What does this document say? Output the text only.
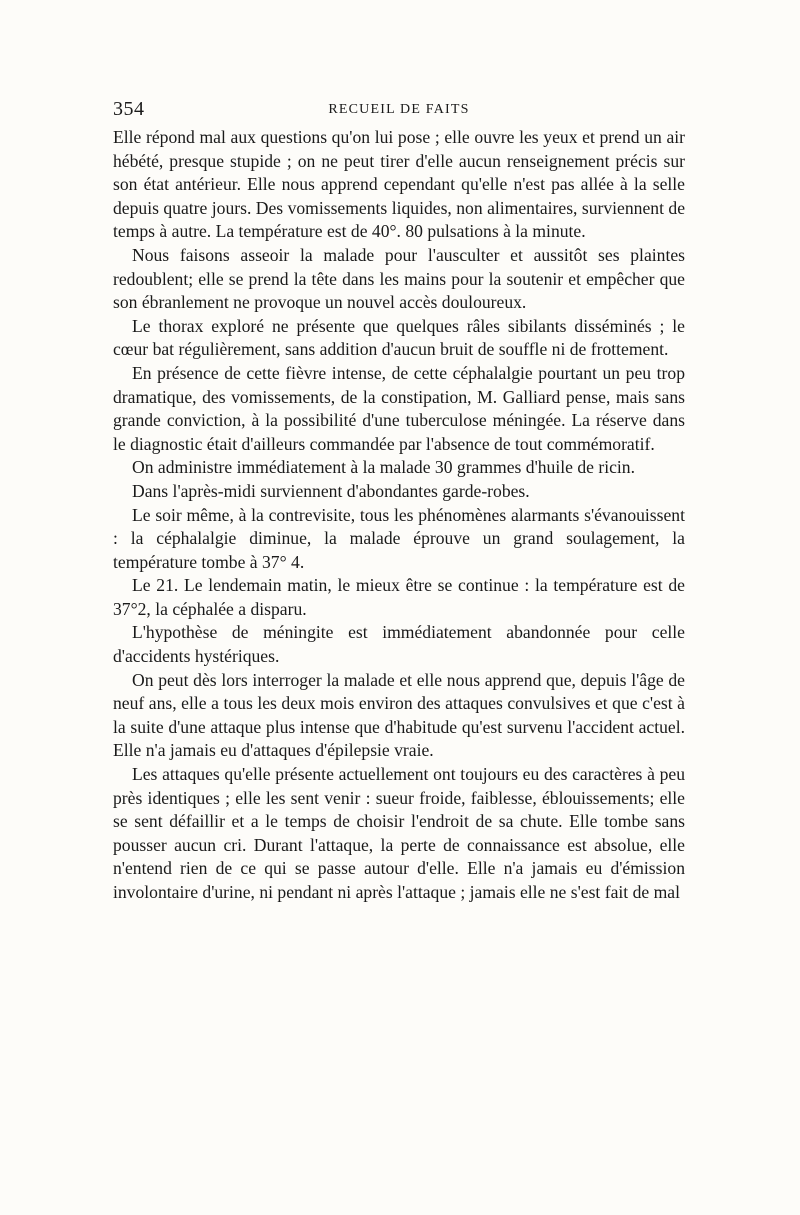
354	RECUEIL DE FAITS

Elle répond mal aux questions qu'on lui pose ; elle ouvre les yeux et prend un air hébété, presque stupide ; on ne peut tirer d'elle aucun renseignement précis sur son état antérieur. Elle nous apprend cependant qu'elle n'est pas allée à la selle depuis quatre jours. Des vomissements liquides, non alimentaires, surviennent de temps à autre. La température est de 40°. 80 pulsations à la minute.

Nous faisons asseoir la malade pour l'ausculter et aussitôt ses plaintes redoublent; elle se prend la tête dans les mains pour la soutenir et empêcher que son ébranlement ne provoque un nouvel accès douloureux.

Le thorax exploré ne présente que quelques râles sibilants disséminés ; le cœur bat régulièrement, sans addition d'aucun bruit de souffle ni de frottement.

En présence de cette fièvre intense, de cette céphalalgie pourtant un peu trop dramatique, des vomissements, de la constipation, M. Galliard pense, mais sans grande conviction, à la possibilité d'une tuberculose méningée. La réserve dans le diagnostic était d'ailleurs commandée par l'absence de tout commémoratif.

On administre immédiatement à la malade 30 grammes d'huile de ricin.

Dans l'après-midi surviennent d'abondantes garde-robes.

Le soir même, à la contrevisite, tous les phénomènes alarmants s'évanouissent : la céphalalgie diminue, la malade éprouve un grand soulagement, la température tombe à 37° 4.

Le 21. Le lendemain matin, le mieux être se continue : la température est de 37°2, la céphalée a disparu.

L'hypothèse de méningite est immédiatement abandonnée pour celle d'accidents hystériques.

On peut dès lors interroger la malade et elle nous apprend que, depuis l'âge de neuf ans, elle a tous les deux mois environ des attaques convulsives et que c'est à la suite d'une attaque plus intense que d'habitude qu'est survenu l'accident actuel. Elle n'a jamais eu d'attaques d'épilepsie vraie.

Les attaques qu'elle présente actuellement ont toujours eu des caractères à peu près identiques ; elle les sent venir : sueur froide, faiblesse, éblouissements; elle se sent défaillir et a le temps de choisir l'endroit de sa chute. Elle tombe sans pousser aucun cri. Durant l'attaque, la perte de connaissance est absolue, elle n'entend rien de ce qui se passe autour d'elle. Elle n'a jamais eu d'émission involontaire d'urine, ni pendant ni après l'attaque ; jamais elle ne s'est fait de mal
